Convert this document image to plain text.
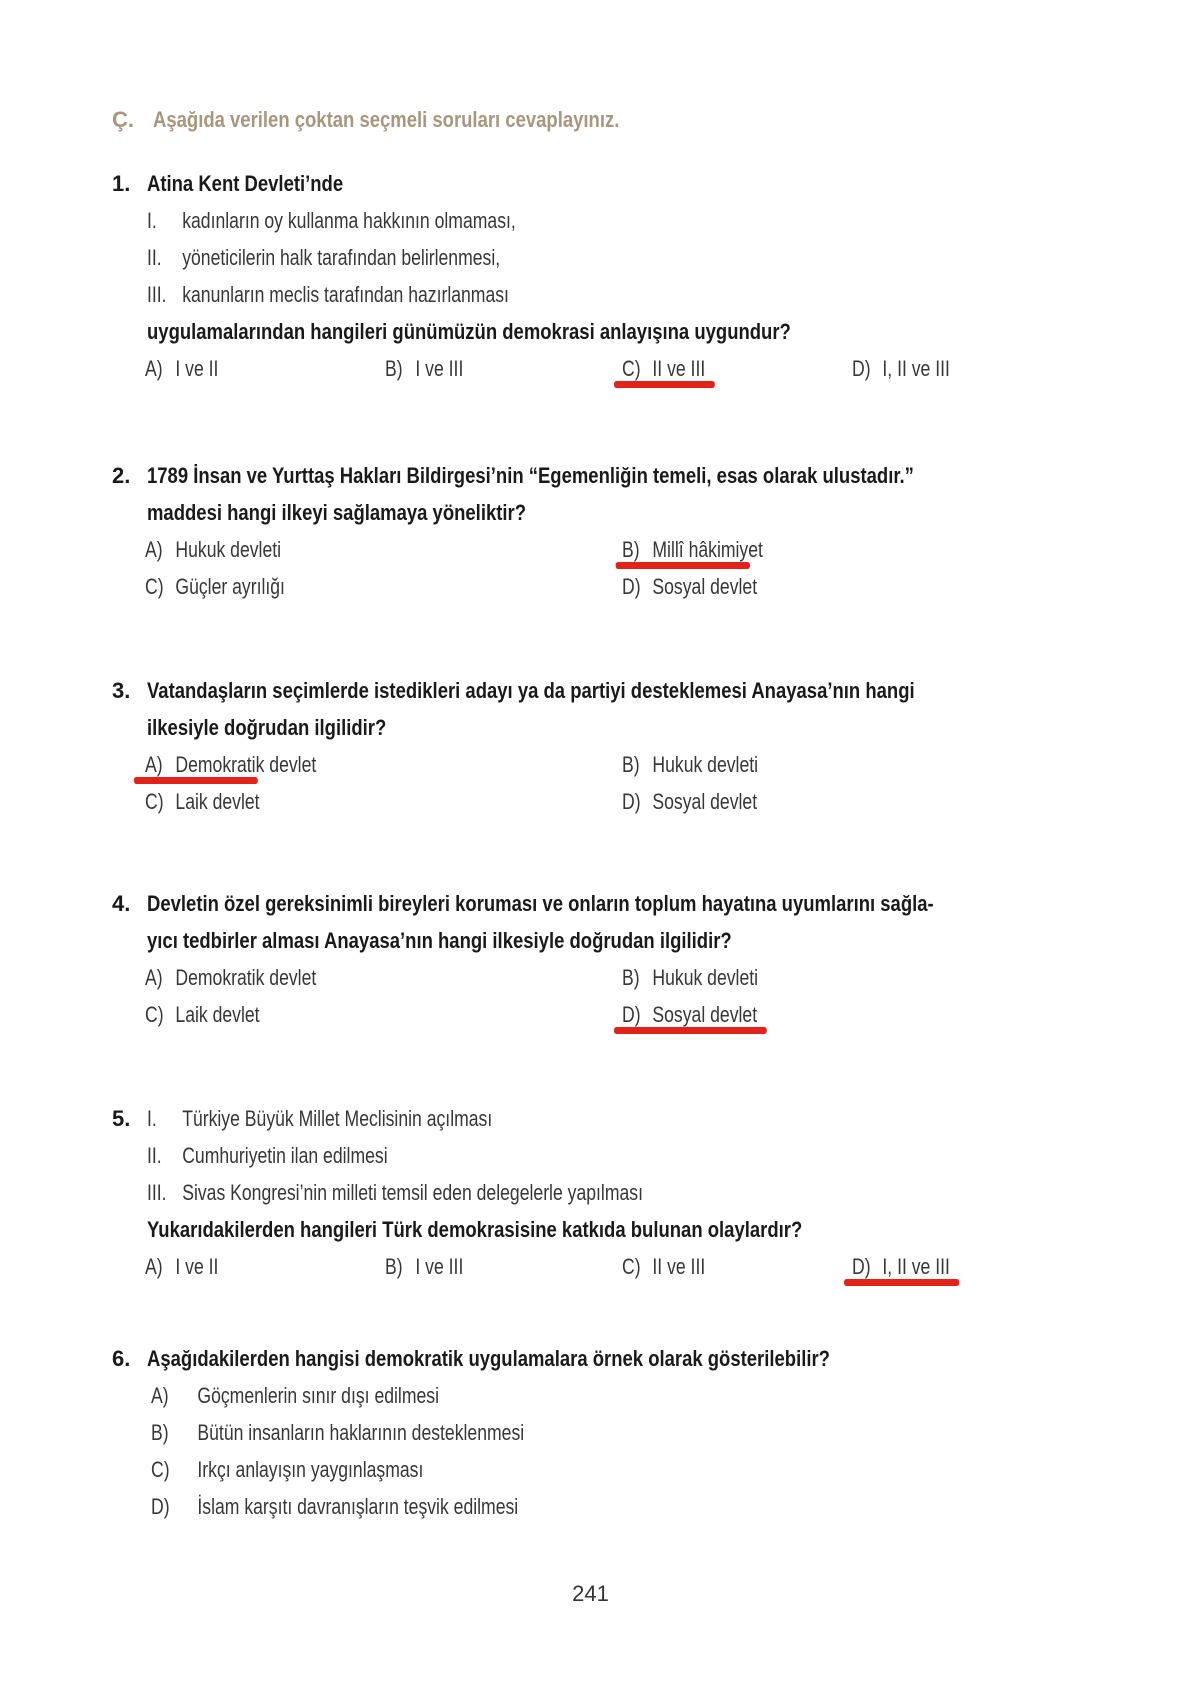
Ç. Aşağıda verilen çoktan seçmeli soruları cevaplayınız.
1. Atina Kent Devleti’nde
I. kadınların oy kullanma hakkının olmaması,
II. yöneticilerin halk tarafından belirlenmesi,
III. kanunların meclis tarafından hazırlanması
uygulamalarından hangileri günümüzün demokrasi anlayışına uygundur?
A) I ve II	B) I ve III	C) II ve III	D) I, II ve III
2. 1789 İnsan ve Yurttaş Hakları Bildirgesi’nin “Egemenliğin temeli, esas olarak ulustadır.”
maddesi hangi ilkeyi sağlamaya yöneliktir?
A) Hukuk devleti	B) Millî hâkimiyet
C) Güçler ayrılığı	D) Sosyal devlet
3. Vatandaşların seçimlerde istedikleri adayı ya da partiyi desteklemesi Anayasa’nın hangi
ilkesiyle doğrudan ilgilidir?
A) Demokratik devlet	B) Hukuk devleti
C) Laik devlet	D) Sosyal devlet
4. Devletin özel gereksinimli bireyleri koruması ve onların toplum hayatına uyumlarını sağla-
yıcı tedbirler alması Anayasa’nın hangi ilkesiyle doğrudan ilgilidir?
A) Demokratik devlet	B) Hukuk devleti
C) Laik devlet	D) Sosyal devlet
5. I. Türkiye Büyük Millet Meclisinin açılması
II. Cumhuriyetin ilan edilmesi
III. Sivas Kongresi’nin milleti temsil eden delegelerle yapılması
Yukarıdakilerden hangileri Türk demokrasisine katkıda bulunan olaylardır?
A) I ve II	B) I ve III	C) II ve III	D) I, II ve III
6. Aşağıdakilerden hangisi demokratik uygulamalara örnek olarak gösterilebilir?
A) Göçmenlerin sınır dışı edilmesi
B) Bütün insanların haklarının desteklenmesi
C) Irkçı anlayışın yaygınlaşması
D) İslam karşıtı davranışların teşvik edilmesi
241
